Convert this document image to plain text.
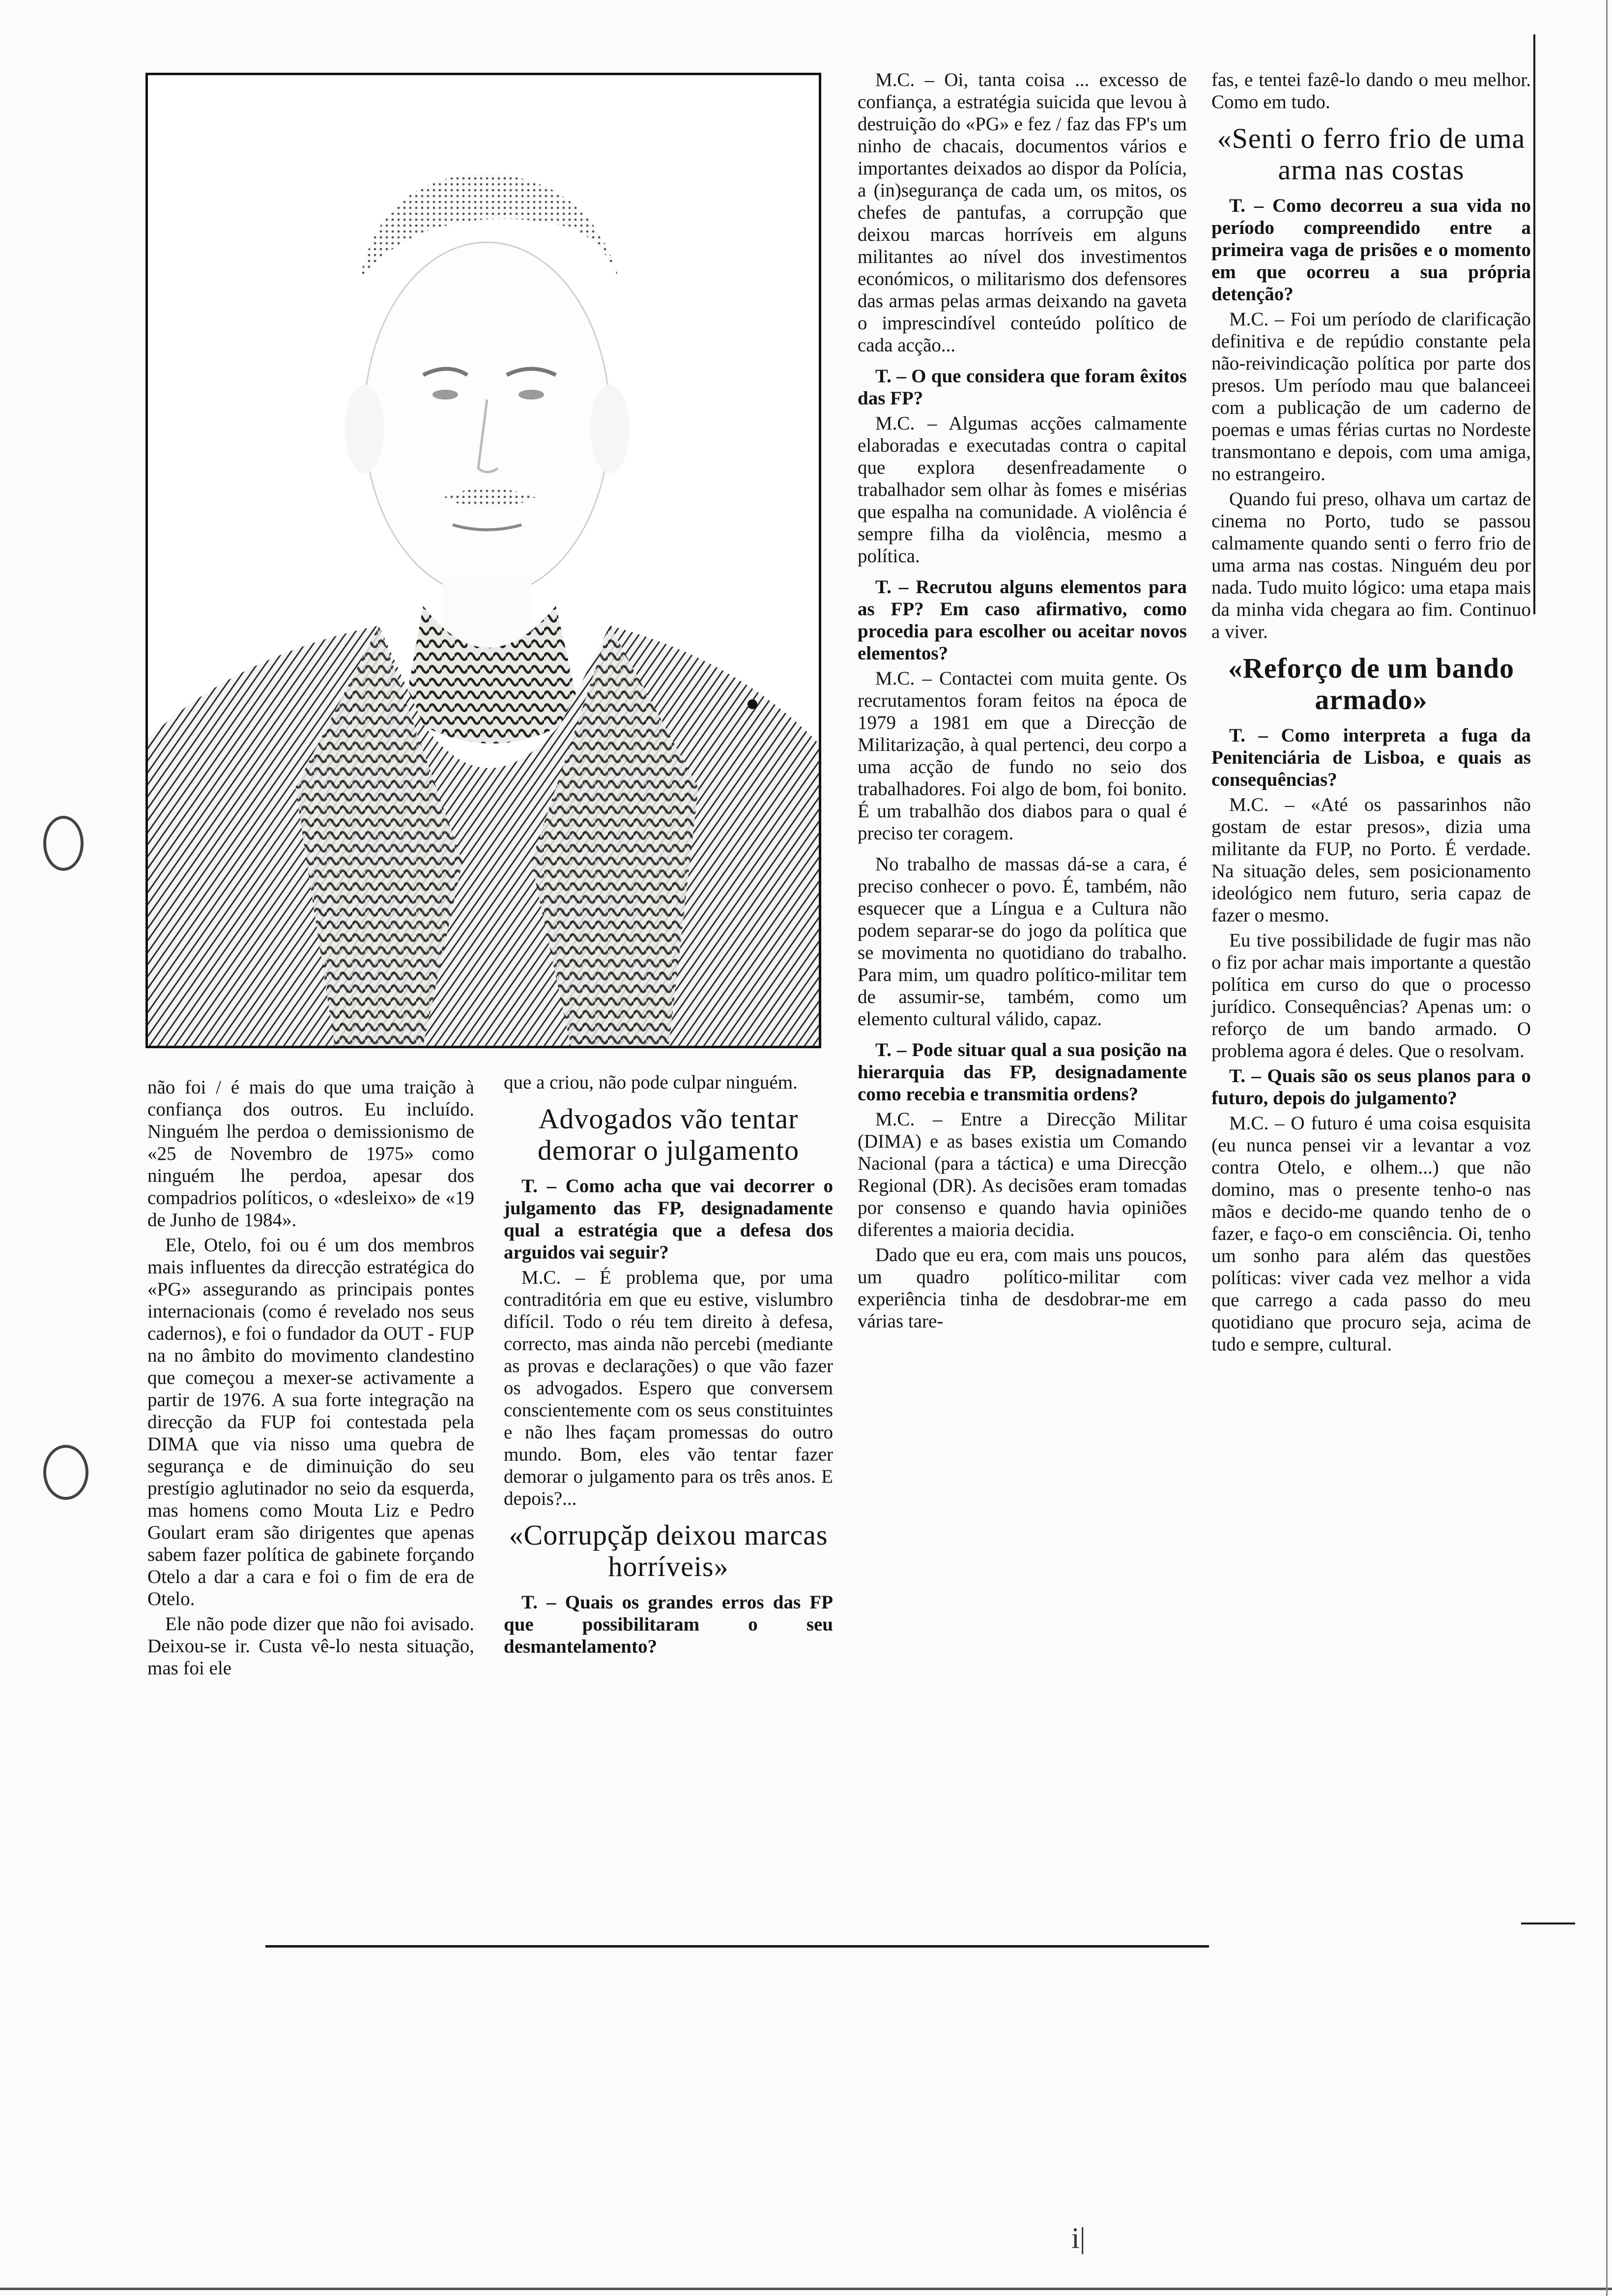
não foi / é mais do que uma traição à confiança dos outros. Eu incluído. Ninguém lhe perdoa o demissionismo de «25 de Novembro de 1975» como ninguém lhe perdoa, apesar dos compadrios políticos, o «desleixo» de «19 de Junho de 1984».

Ele, Otelo, foi ou é um dos membros mais influentes da direcção estratégica do «PG» assegurando as principais pontes internacionais (como é revelado nos seus cadernos), e foi o fundador da OUT - FUP na no âmbito do movimento clandestino que começou a mexer-se activamente a partir de 1976. A sua forte integração na direcção da FUP foi contestada pela DIMA que via nisso uma quebra de segurança e de diminuição do seu prestígio aglutinador no seio da esquerda, mas homens como Mouta Liz e Pedro Goulart eram são dirigentes que apenas sabem fazer política de gabinete forçando Otelo a dar a cara e foi o fim de era de Otelo.

Ele não pode dizer que não foi avisado. Deixou-se ir. Custa vê-lo nesta situação, mas foi ele

que a criou, não pode culpar ninguém.

Advogados vão tentar demorar o julgamento

T. – Como acha que vai decorrer o julgamento das FP, designadamente qual a estratégia que a defesa dos arguidos vai seguir?

M.C. – É problema que, por uma contraditória em que eu estive, vislumbro difícil. Todo o réu tem direito à defesa, correcto, mas ainda não percebi (mediante as provas e declarações) o que vão fazer os advogados. Espero que conversem conscientemente com os seus constituintes e não lhes façam promessas do outro mundo. Bom, eles vão tentar fazer demorar o julgamento para os três anos. E depois?...

«Corrupçăp deixou marcas horríveis»

T. – Quais os grandes erros das FP que possibilitaram o seu desmantelamento?

M.C. – Oi, tanta coisa ... excesso de confiança, a estratégia suicida que levou à destruição do «PG» e fez / faz das FP's um ninho de chacais, documentos vários e importantes deixados ao dispor da Polícia, a (in)segurança de cada um, os mitos, os chefes de pantufas, a corrupção que deixou marcas horríveis em alguns militantes ao nível dos investimentos económicos, o militarismo dos defensores das armas pelas armas deixando na gaveta o imprescindível conteúdo político de cada acção...

T. – O que considera que foram êxitos das FP?

M.C. – Algumas acções calmamente elaboradas e executadas contra o capital que explora desenfreadamente o trabalhador sem olhar às fomes e misérias que espalha na comunidade. A violência é sempre filha da violência, mesmo a política.

T. – Recrutou alguns elementos para as FP? Em caso afirmativo, como procedia para escolher ou aceitar novos elementos?

M.C. – Contactei com muita gente. Os recrutamentos foram feitos na época de 1979 a 1981 em que a Direcção de Militarização, à qual pertenci, deu corpo a uma acção de fundo no seio dos trabalhadores. Foi algo de bom, foi bonito. É um trabalhão dos diabos para o qual é preciso ter coragem.

No trabalho de massas dá-se a cara, é preciso conhecer o povo. É, também, não esquecer que a Língua e a Cultura não podem separar-se do jogo da política que se movimenta no quotidiano do trabalho. Para mim, um quadro político-militar tem de assumir-se, também, como um elemento cultural válido, capaz.

T. – Pode situar qual a sua posição na hierarquia das FP, designadamente como recebia e transmitia ordens?

M.C. – Entre a Direcção Militar (DIMA) e as bases existia um Comando Nacional (para a táctica) e uma Direcção Regional (DR). As decisões eram tomadas por consenso e quando havia opiniões diferentes a maioria decidia.

Dado que eu era, com mais uns poucos, um quadro político-militar com experiência tinha de desdobrar-me em várias tare-

fas, e tentei fazê-lo dando o meu melhor. Como em tudo.

«Senti o ferro frio de uma arma nas costas

T. – Como decorreu a sua vida no período compreendido entre a primeira vaga de prisões e o momento em que ocorreu a sua própria detenção?

M.C. – Foi um período de clarificação definitiva e de repúdio constante pela não-reivindicação política por parte dos presos. Um período mau que balanceei com a publicação de um caderno de poemas e umas férias curtas no Nordeste transmontano e depois, com uma amiga, no estrangeiro.

Quando fui preso, olhava um cartaz de cinema no Porto, tudo se passou calmamente quando senti o ferro frio de uma arma nas costas. Ninguém deu por nada. Tudo muito lógico: uma etapa mais da minha vida chegara ao fim. Continuo a viver.

«Reforço de um bando armado»

T. – Como interpreta a fuga da Penitenciária de Lisboa, e quais as consequências?

M.C. – «Até os passarinhos não gostam de estar presos», dizia uma militante da FUP, no Porto. É verdade. Na situação deles, sem posicionamento ideológico nem futuro, seria capaz de fazer o mesmo.

Eu tive possibilidade de fugir mas não o fiz por achar mais importante a questão política em curso do que o processo jurídico. Consequências? Apenas um: o reforço de um bando armado. O problema agora é deles. Que o resolvam.

T. – Quais são os seus planos para o futuro, depois do julgamento?

M.C. – O futuro é uma coisa esquisita (eu nunca pensei vir a levantar a voz contra Otelo, e olhem...) que não domino, mas o presente tenho-o nas mãos e decido-me quando tenho de o fazer, e faço-o em consciência. Oi, tenho um sonho para além das questões políticas: viver cada vez melhor a vida que carrego a cada passo do meu quotidiano que procuro seja, acima de tudo e sempre, cultural.

i|
